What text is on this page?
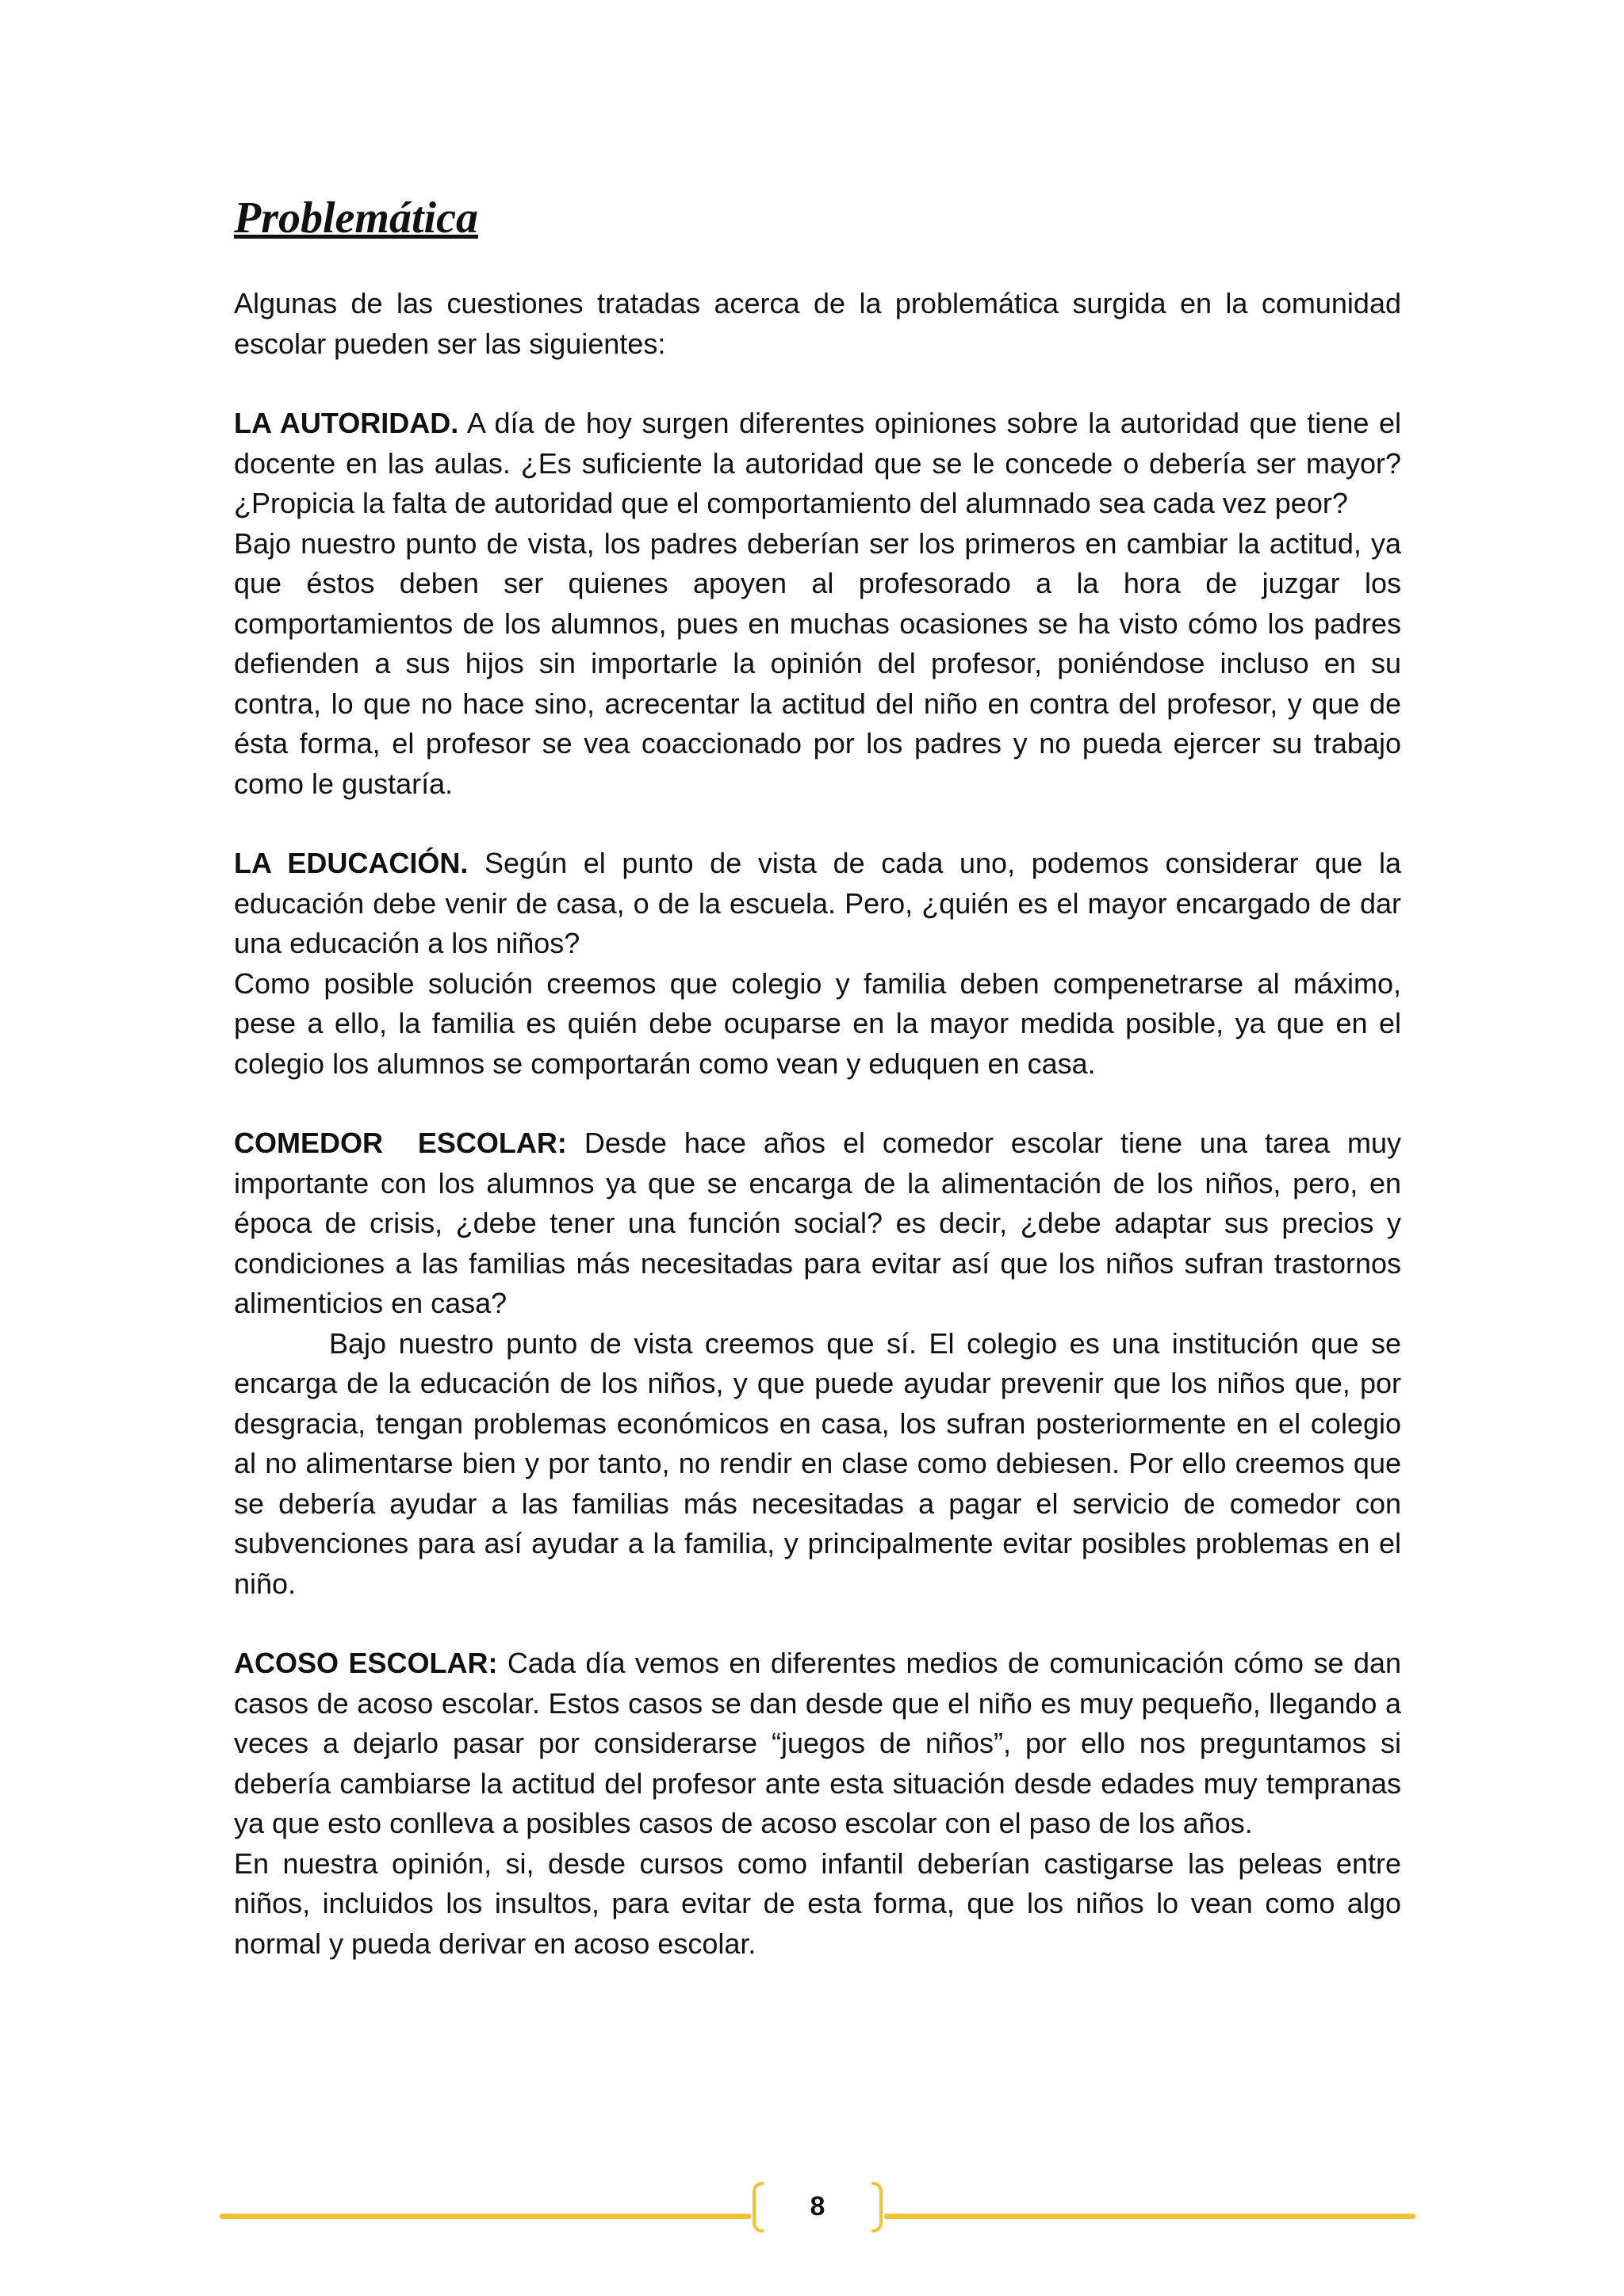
Problemática

Algunas de las cuestiones tratadas acerca de la problemática surgida en la comunidad escolar pueden ser las siguientes:

LA AUTORIDAD. A día de hoy surgen diferentes opiniones sobre la autoridad que tiene el docente en las aulas. ¿Es suficiente la autoridad que se le concede o debería ser mayor? ¿Propicia la falta de autoridad que el comportamiento del alumnado sea cada vez peor?

Bajo nuestro punto de vista, los padres deberían ser los primeros en cambiar la actitud, ya que éstos deben ser quienes apoyen al profesorado a la hora de juzgar los comportamientos de los alumnos, pues en muchas ocasiones se ha visto cómo los padres defienden a sus hijos sin importarle la opinión del profesor, poniéndose incluso en su contra, lo que no hace sino, acrecentar la actitud del niño en contra del profesor, y que de ésta forma, el profesor se vea coaccionado por los padres y no pueda ejercer su trabajo como le gustaría.

LA EDUCACIÓN. Según el punto de vista de cada uno, podemos considerar que la educación debe venir de casa, o de la escuela. Pero, ¿quién es el mayor encargado de dar una educación a los niños?

Como posible solución creemos que colegio y familia deben compenetrarse al máximo, pese a ello, la familia es quién debe ocuparse en la mayor medida posible, ya que en el colegio los alumnos se comportarán como vean y eduquen en casa.

COMEDOR  ESCOLAR: Desde hace años el comedor escolar tiene una tarea muy importante con los alumnos ya que se encarga de la alimentación de los niños, pero, en época de crisis, ¿debe tener una función social? es decir, ¿debe adaptar sus precios y condiciones a las familias más necesitadas para evitar así que los niños sufran trastornos alimenticios en casa?

Bajo nuestro punto de vista creemos que sí. El colegio es una institución que se encarga de la educación de los niños, y que puede ayudar prevenir que los niños que, por desgracia, tengan problemas económicos en casa, los sufran posteriormente en el colegio al no alimentarse bien y por tanto, no rendir en clase como debiesen. Por ello creemos que se debería ayudar a las familias más necesitadas a pagar el servicio de comedor con subvenciones para así ayudar a la familia, y principalmente evitar posibles problemas en el niño.

ACOSO ESCOLAR: Cada día vemos en diferentes medios de comunicación cómo se dan casos de acoso escolar. Estos casos se dan desde que el niño es muy pequeño, llegando a veces a dejarlo pasar por considerarse “juegos de niños”, por ello nos preguntamos si debería cambiarse la actitud del profesor ante esta situación desde edades muy tempranas ya que esto conlleva a posibles casos de acoso escolar con el paso de los años.

En nuestra opinión, si, desde cursos como infantil deberían castigarse las peleas entre niños, incluidos los insultos, para evitar de esta forma, que los niños lo vean como algo normal y pueda derivar en acoso escolar.

8
